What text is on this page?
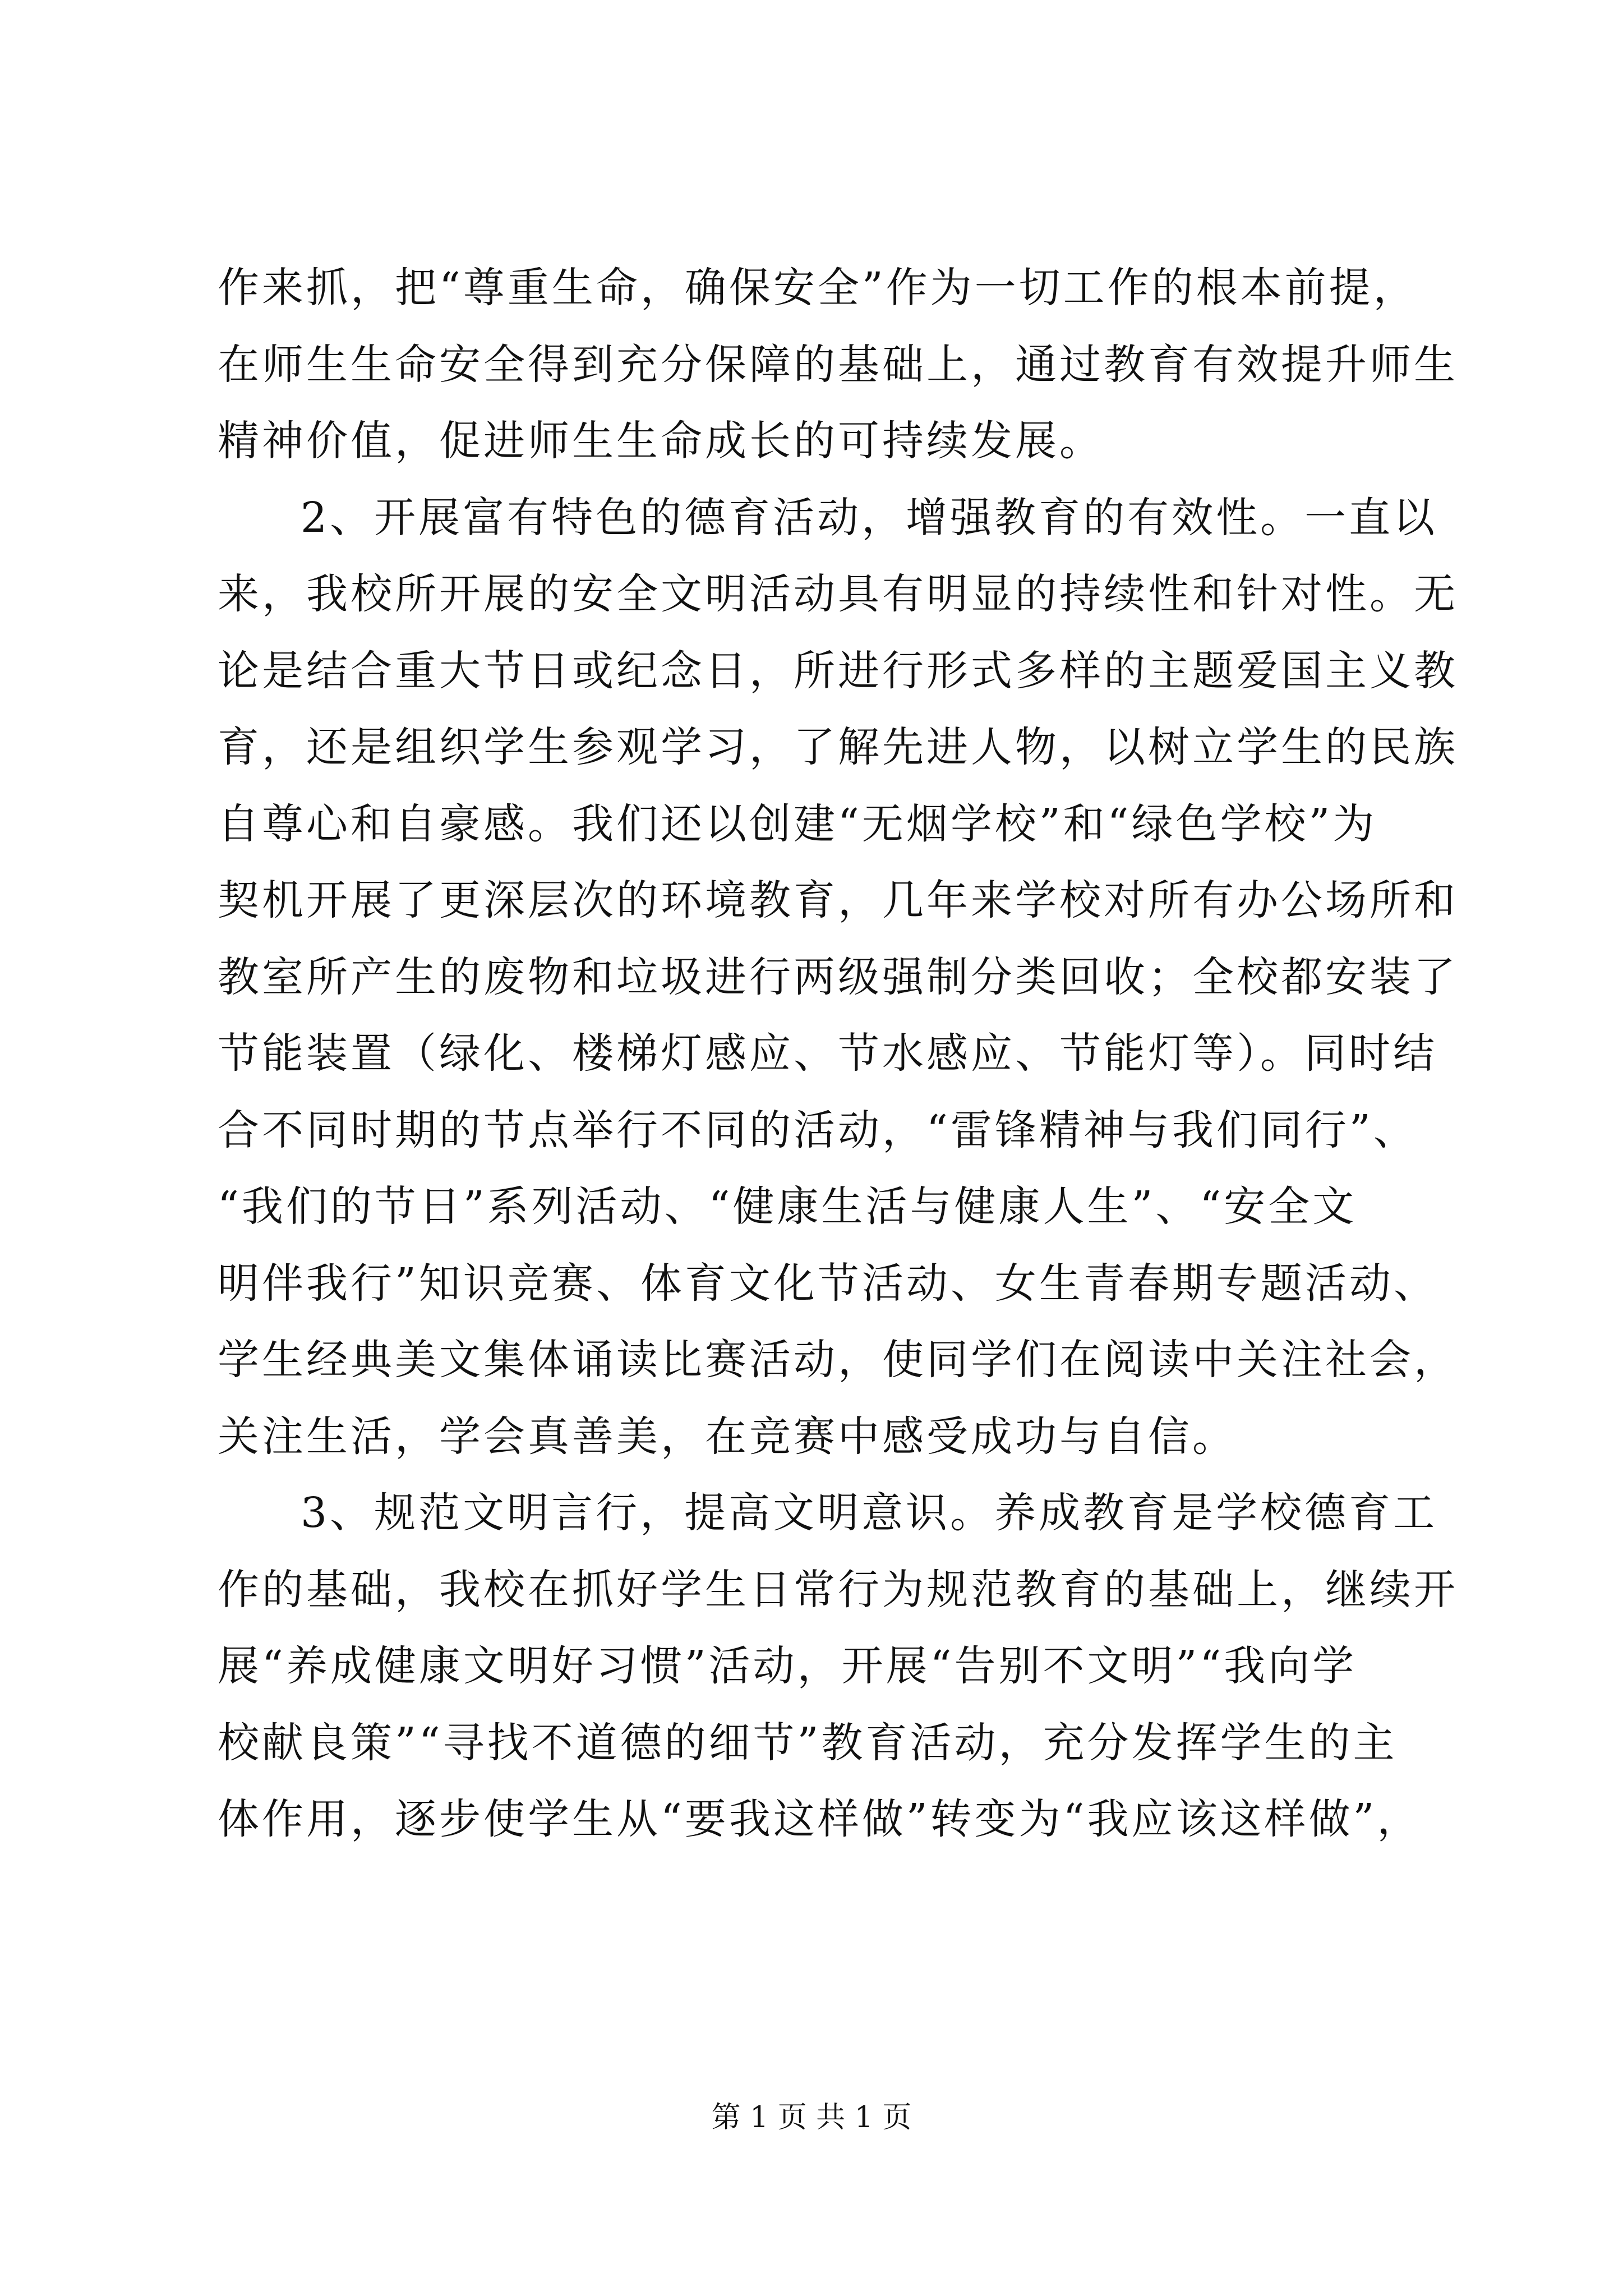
作来抓，把“尊重生命，确保安全”作为一切工作的根本前提，
在师生生命安全得到充分保障的基础上，通过教育有效提升师生
精神价值，促进师生生命成长的可持续发展。
2、开展富有特色的德育活动，增强教育的有效性。一直以
来，我校所开展的安全文明活动具有明显的持续性和针对性。无
论是结合重大节日或纪念日，所进行形式多样的主题爱国主义教
育，还是组织学生参观学习，了解先进人物，以树立学生的民族
自尊心和自豪感。我们还以创建“无烟学校”和“绿色学校”为
契机开展了更深层次的环境教育，几年来学校对所有办公场所和
教室所产生的废物和垃圾进行两级强制分类回收；全校都安装了
节能装置（绿化、楼梯灯感应、节水感应、节能灯等）。同时结
合不同时期的节点举行不同的活动，“雷锋精神与我们同行”、
“我们的节日”系列活动、“健康生活与健康人生”、“安全文
明伴我行”知识竞赛、体育文化节活动、女生青春期专题活动、
学生经典美文集体诵读比赛活动，使同学们在阅读中关注社会，
关注生活，学会真善美，在竞赛中感受成功与自信。
3、规范文明言行，提高文明意识。养成教育是学校德育工
作的基础，我校在抓好学生日常行为规范教育的基础上，继续开
展“养成健康文明好习惯”活动，开展“告别不文明”“我向学
校献良策”“寻找不道德的细节”教育活动，充分发挥学生的主
体作用，逐步使学生从“要我这样做”转变为“我应该这样做”，
第 1 页 共 1 页
